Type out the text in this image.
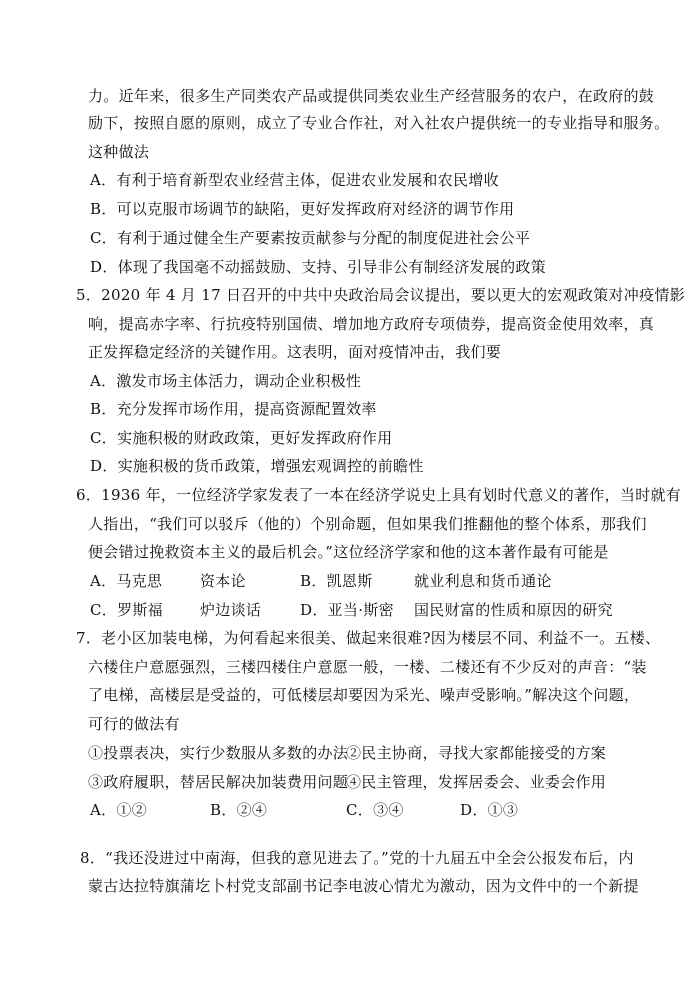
力。近年来，很多生产同类农产品或提供同类农业生产经营服务的农户，在政府的鼓
励下，按照自愿的原则，成立了专业合作社，对入社农户提供统一的专业指导和服务。
这种做法
A．有利于培育新型农业经营主体，促进农业发展和农民增收
B．可以克服市场调节的缺陷，更好发挥政府对经济的调节作用
C．有利于通过健全生产要素按贡献参与分配的制度促进社会公平
D．体现了我国毫不动摇鼓励、支持、引导非公有制经济发展的政策
5．2020 年 4 月 17 日召开的中共中央政治局会议提出，要以更大的宏观政策对冲疫情影
响，提高赤字率、行抗疫特别国债、增加地方政府专项债券，提高资金使用效率，真
正发挥稳定经济的关键作用。这表明，面对疫情冲击，我们要
A．激发市场主体活力，调动企业积极性
B．充分发挥市场作用，提高资源配置效率
C．实施积极的财政政策，更好发挥政府作用
D．实施积极的货币政策，增强宏观调控的前瞻性
6．1936 年，一位经济学家发表了一本在经济学说史上具有划时代意义的著作，当时就有
人指出，“我们可以驳斥（他的）个别命题，但如果我们推翻他的整个体系，那我们
便会错过挽救资本主义的最后机会。”这位经济学家和他的这本著作最有可能是
A．马克思	资本论	B．凯恩斯	就业利息和货币通论
C．罗斯福 炉边谈话	D．亚当·斯密 国民财富的性质和原因的研究
7．老小区加装电梯，为何看起来很美、做起来很难?因为楼层不同、利益不一。五楼、
六楼住户意愿强烈，三楼四楼住户意愿一般，一楼、二楼还有不少反对的声音：“装
了电梯，高楼层是受益的，可低楼层却要因为采光、噪声受影响。”解决这个问题，
可行的做法有
①投票表决，实行少数服从多数的办法
②民主协商，寻找大家都能接受的方案
③政府履职，替居民解决加装费用问题
④民主管理，发挥居委会、业委会作用
A．①②	B．②④	C．③④	D．①③
8．“我还没进过中南海，但我的意见进去了。”党的十九届五中全会公报发布后，内
蒙古达拉特旗蒲圪卜村党支部副书记李电波心情尤为激动，因为文件中的一个新提
